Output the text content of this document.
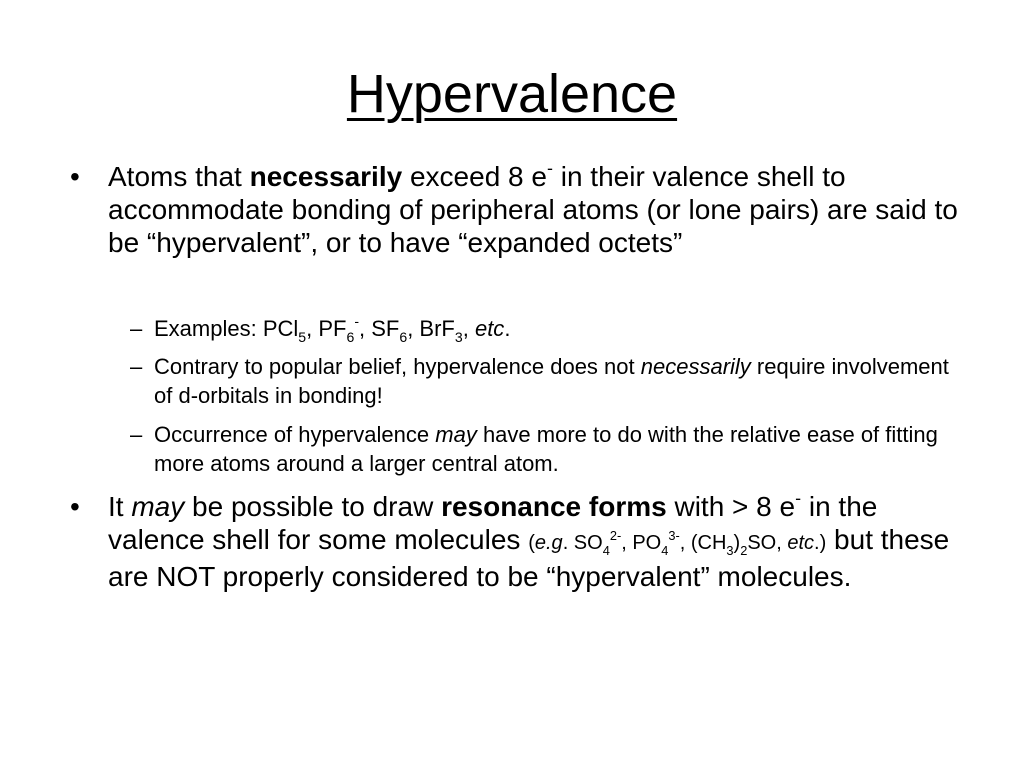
Hypervalence
•	Atoms that necessarily exceed 8 e- in their valence shell to accommodate bonding of peripheral atoms (or lone pairs) are said to be “hypervalent”, or to have “expanded octets”
– Examples: PCl$_5$, $PF_6^-$, $SF_6$, BrF$_3$, etc.
– Contrary to popular belief, hypervalence does not necessarily require involvement of d-orbitals in bonding!
– Occurrence of hypervalence may have more to do with the relative ease of fitting more atoms around a larger central atom.
•	It may be possible to draw resonance forms with > 8 e- in the valence shell for some molecules (e.g. $SO_4^{2-}$, $PO_4^{3-}$, $(CH_3)_2SO$, etc.) but these are NOT properly considered to be “hypervalent” molecules.
